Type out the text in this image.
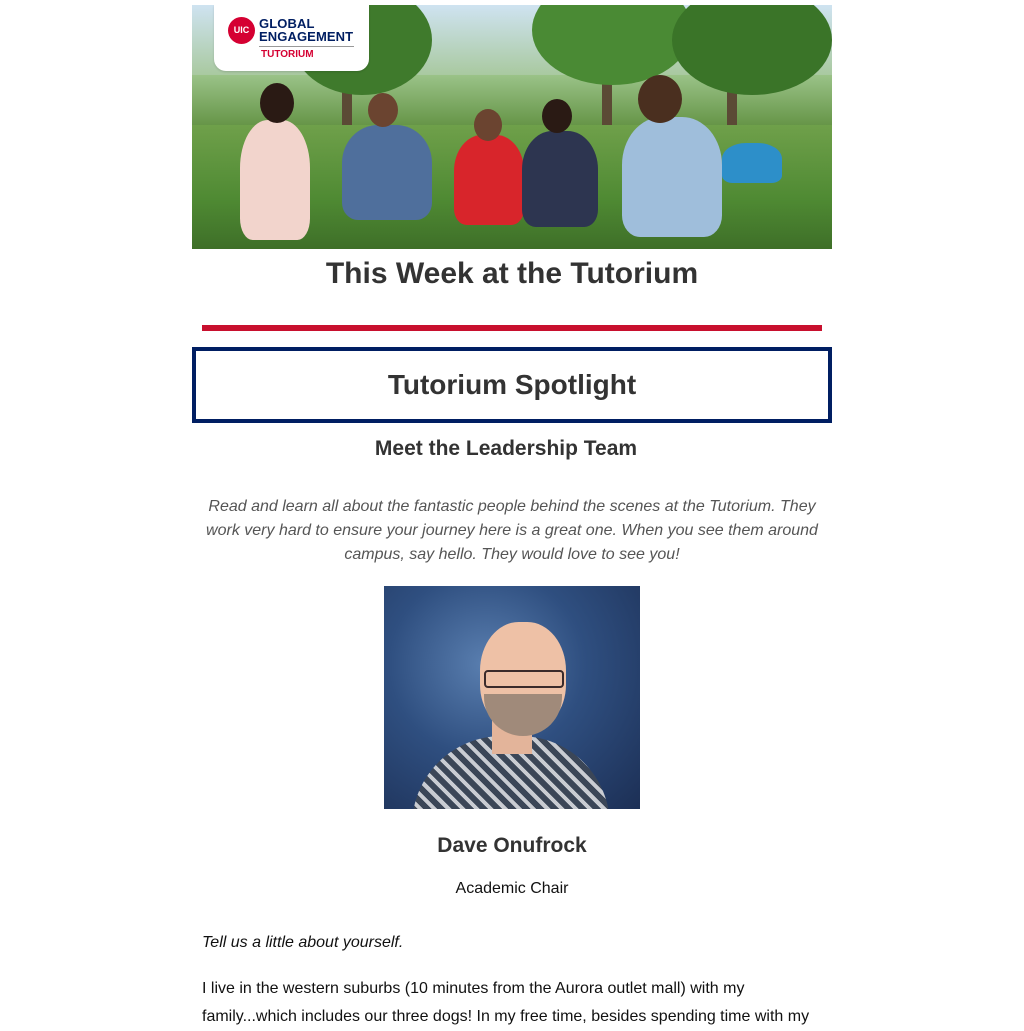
UIC GLOBAL
ENGAGEMENT
TUTORIUM
This Week at the Tutorium
Tutorium Spotlight
Meet the Leadership Team
Read and learn all about the fantastic people behind the scenes at the Tutorium. They work very hard to ensure your journey here is a great one. When you see them around campus, say hello. They would love to see you!
Dave Onufrock
Academic Chair
Tell us a little about yourself.
I live in the western suburbs (10 minutes from the Aurora outlet mall) with my family...which includes our three dogs! In my free time, besides spending time with my
